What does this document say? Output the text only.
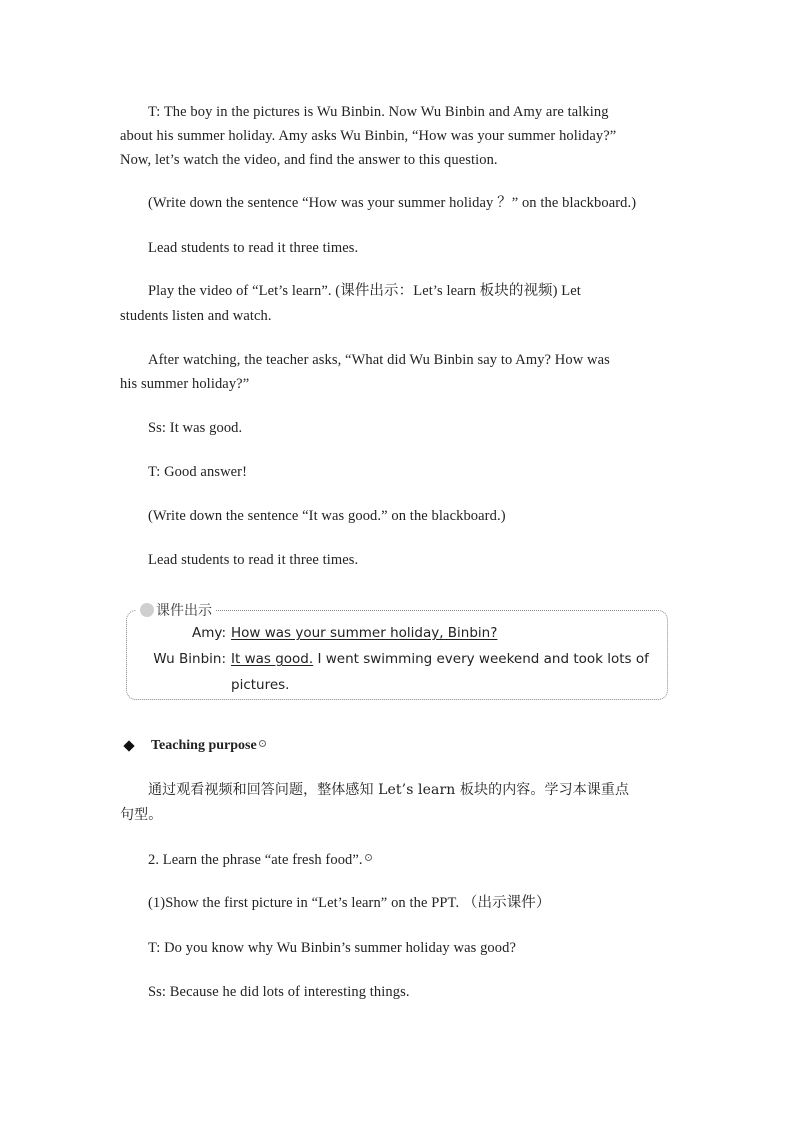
T: The boy in the pictures is Wu Binbin. Now Wu Binbin and Amy are talking
about his summer holiday. Amy asks Wu Binbin, “How was your summer holiday?”
Now, let’s watch the video, and find the answer to this question.
(Write down the sentence “How was your summer holiday ？” on the blackboard.)
Lead students to read it three times.
Play the video of “Let’s learn”. (课件出示：Let’s learn 板块的视频) Let
students listen and watch.
After watching, the teacher asks, “What did Wu Binbin say to Amy? How was
his summer holiday?”
Ss: It was good.
T: Good answer!
(Write down the sentence “It was good.” on the blackboard.)
Lead students to read it three times.
课件出示
Amy: How was your summer holiday, Binbin?
Wu Binbin: It was good. I went swimming every weekend and took lots of
pictures.
Teaching purpose
通过观看视频和回答问题，整体感知 Let’s learn 板块的内容。学习本课重点
句型。
2. Learn the phrase “ate fresh food”.
(1)Show the first picture in “Let’s learn” on the PPT. （出示课件）
T: Do you know why Wu Binbin’s summer holiday was good?
Ss: Because he did lots of interesting things.
